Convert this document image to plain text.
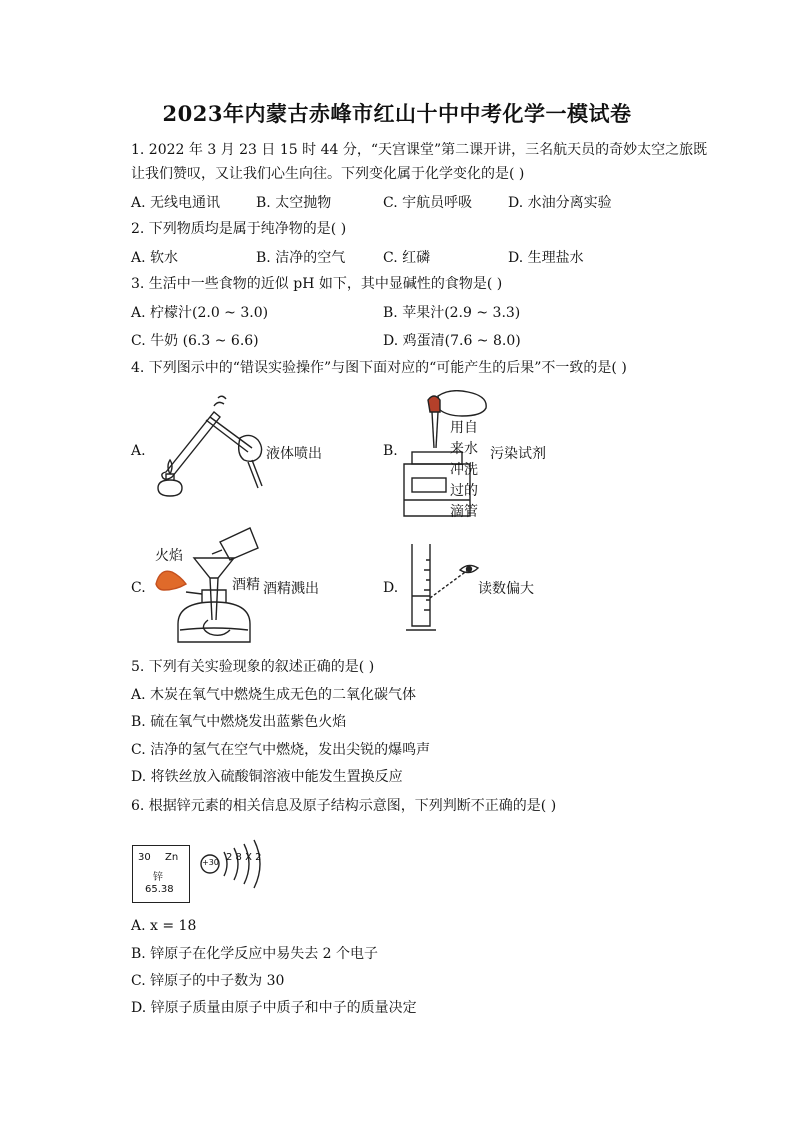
2023年内蒙古赤峰市红山十中中考化学一模试卷
1. 2022 年 3 月 23 日 15 时 44 分，“天宫课堂”第二课开讲，三名航天员的奇妙太空之旅既
让我们赞叹，又让我们心生向往。下列变化属于化学变化的是( )
A. 无线电通讯	B. 太空抛物	C. 宇航员呼吸	D. 水油分离实验
2. 下列物质均是属于纯净物的是( )
A. 软水	B. 洁净的空气	C. 红磷	D. 生理盐水
3. 生活中一些食物的近似 pH 如下，其中显碱性的食物是( )
A. 柠檬汁(2.0 ~ 3.0)	B. 苹果汁(2.9 ~ 3.3)
C. 牛奶 (6.3 ~ 6.6)	D. 鸡蛋清(7.6 ~ 8.0)
4. 下列图示中的“错误实验操作”与图下面对应的“可能产生的后果”不一致的是( )
A.	液体喷出	B.
用自
来水
冲洗
过的
滴管
污染试剂
C.
火焰
酒精 酒精溅出	D.	读数偏大
5. 下列有关实验现象的叙述正确的是( )
A. 木炭在氧气中燃烧生成无色的二氧化碳气体
B. 硫在氧气中燃烧发出蓝紫色火焰
C. 洁净的氢气在空气中燃烧，发出尖锐的爆鸣声
D. 将铁丝放入硫酸铜溶液中能发生置换反应
6. 根据锌元素的相关信息及原子结构示意图，下列判断不正确的是( )
30 Zn
锌
65.38
+30 2 8 X 2
A. x = 18
B. 锌原子在化学反应中易失去 2 个电子
C. 锌原子的中子数为 30
D. 锌原子质量由原子中质子和中子的质量决定
